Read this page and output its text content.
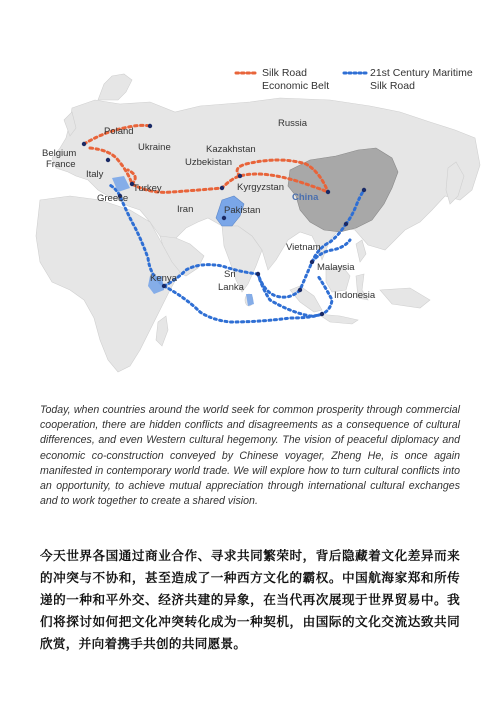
Silk Road
Economic Belt
21st Century Maritime
Silk Road
Russia
Poland
Ukraine	Kazakhstan
Uzbekistan
Belgium
France
Italy
Turkey
Greece
Kyrgyzstan
China
Iran	Pakistan
Vietnam
Kenya	Sri
Lanka
Malaysia
Indonesia

Today, when countries around the world seek for common prosperity through commercial cooperation, there are hidden conflicts and disagreements as a consequence of cultural differences, and even Western cultural hegemony. The vision of peaceful diplomacy and economic co-construction conveyed by Chinese voyager, Zheng He, is once again manifested in contemporary world trade. We will explore how to turn cultural conflicts into an opportunity, to achieve mutual appreciation through international cultural exchanges and to work together to create a shared vision.

今天世界各国通过商业合作、寻求共同繁荣时，背后隐藏着文化差异而来的冲突与不协和，甚至造成了一种西方文化的霸权。中国航海家郑和所传递的一种和平外交、经济共建的异象，在当代再次展现于世界贸易中。我们将探讨如何把文化冲突转化成为一种契机，由国际的文化交流达致共同欣赏，并向着携手共创的共同愿景。
